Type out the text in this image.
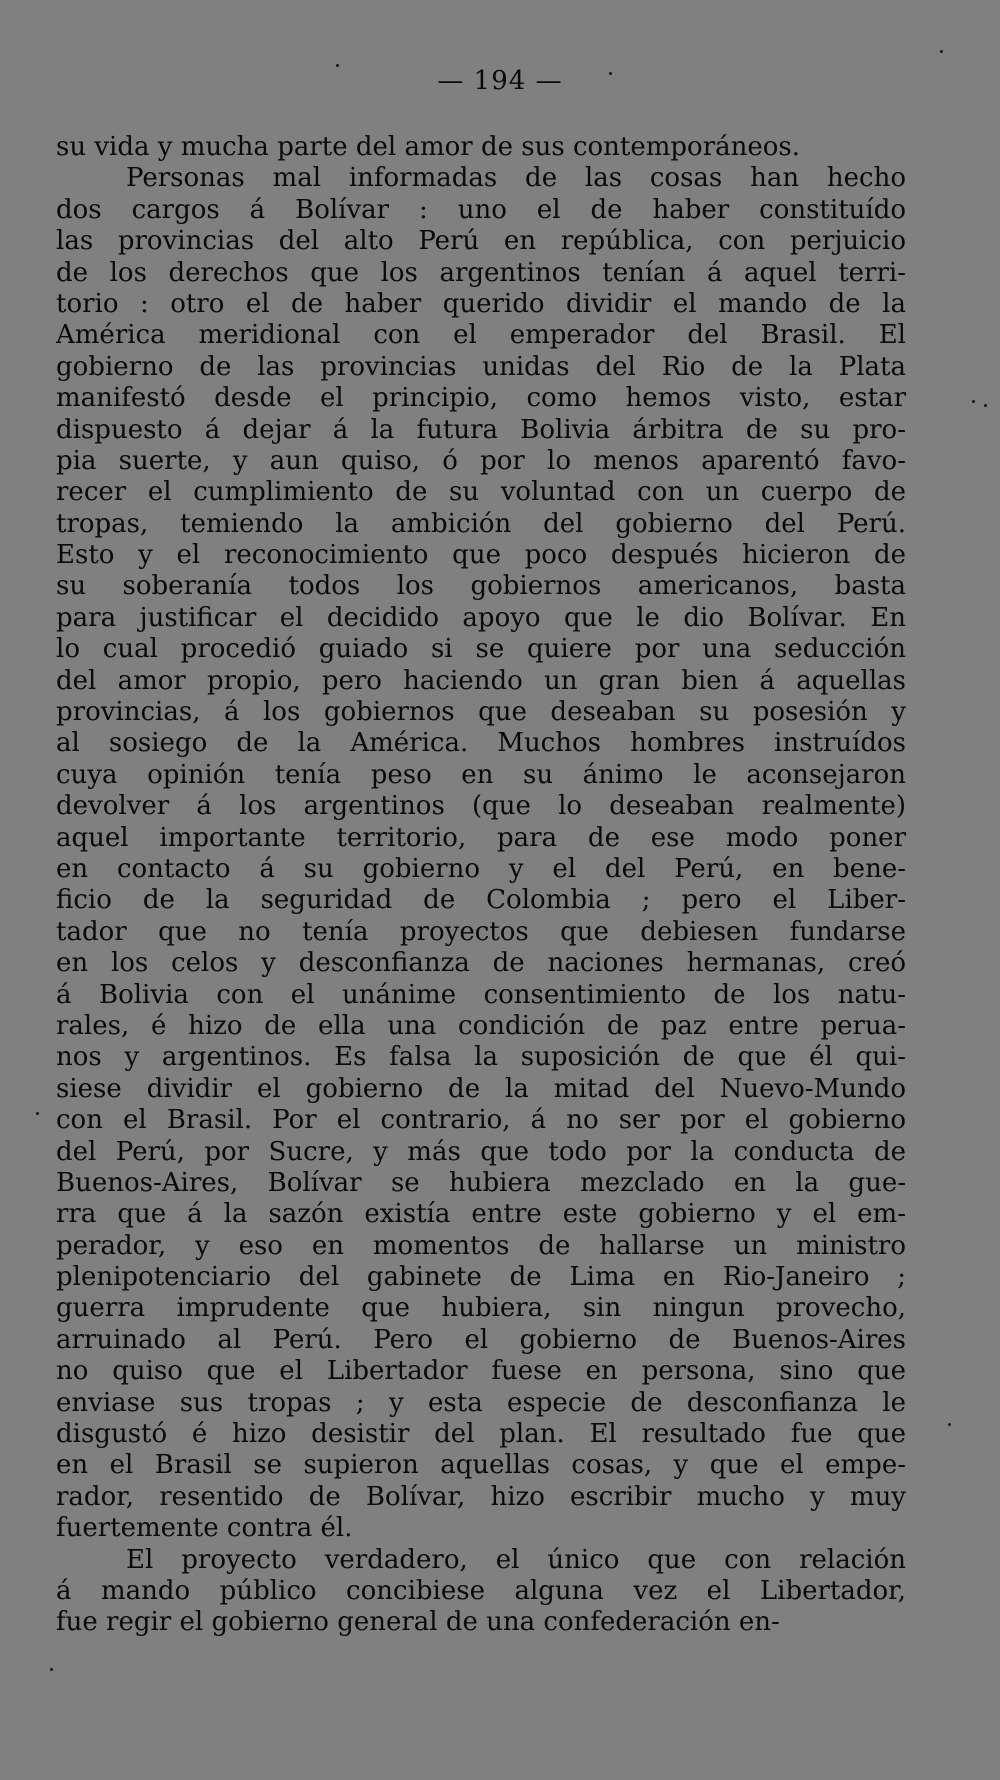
— 194 —
su vida y mucha parte del amor de sus contemporáneos.
Personas mal informadas de las cosas han hecho
dos cargos á Bolívar : uno el de haber constituído
las provincias del alto Perú en república, con perjuicio
de los derechos que los argentinos tenían á aquel terri-
torio : otro el de haber querido dividir el mando de la
América meridional con el emperador del Brasil. El
gobierno de las provincias unidas del Rio de la Plata
manifestó desde el principio, como hemos visto, estar
dispuesto á dejar á la futura Bolivia árbitra de su pro-
pia suerte, y aun quiso, ó por lo menos aparentó favo-
recer el cumplimiento de su voluntad con un cuerpo de
tropas, temiendo la ambición del gobierno del Perú.
Esto y el reconocimiento que poco después hicieron de
su soberanía todos los gobiernos americanos, basta
para justificar el decidido apoyo que le dio Bolívar. En
lo cual procedió guiado si se quiere por una seducción
del amor propio, pero haciendo un gran bien á aquellas
provincias, á los gobiernos que deseaban su posesión y
al sosiego de la América. Muchos hombres instruídos
cuya opinión tenía peso en su ánimo le aconsejaron
devolver á los argentinos (que lo deseaban realmente)
aquel importante territorio, para de ese modo poner
en contacto á su gobierno y el del Perú, en bene-
ficio de la seguridad de Colombia ; pero el Liber-
tador que no tenía proyectos que debiesen fundarse
en los celos y desconfianza de naciones hermanas, creó
á Bolivia con el unánime consentimiento de los natu-
rales, é hizo de ella una condición de paz entre perua-
nos y argentinos. Es falsa la suposición de que él qui-
siese dividir el gobierno de la mitad del Nuevo-Mundo
con el Brasil. Por el contrario, á no ser por el gobierno
del Perú, por Sucre, y más que todo por la conducta de
Buenos-Aires, Bolívar se hubiera mezclado en la gue-
rra que á la sazón existía entre este gobierno y el em-
perador, y eso en momentos de hallarse un ministro
plenipotenciario del gabinete de Lima en Rio-Janeiro ;
guerra imprudente que hubiera, sin ningun provecho,
arruinado al Perú. Pero el gobierno de Buenos-Aires
no quiso que el Libertador fuese en persona, sino que
enviase sus tropas ; y esta especie de desconfianza le
disgustó é hizo desistir del plan. El resultado fue que
en el Brasil se supieron aquellas cosas, y que el empe-
rador, resentido de Bolívar, hizo escribir mucho y muy
fuertemente contra él.
El proyecto verdadero, el único que con relación
á mando público concibiese alguna vez el Libertador,
fue regir el gobierno general de una confederación en-
